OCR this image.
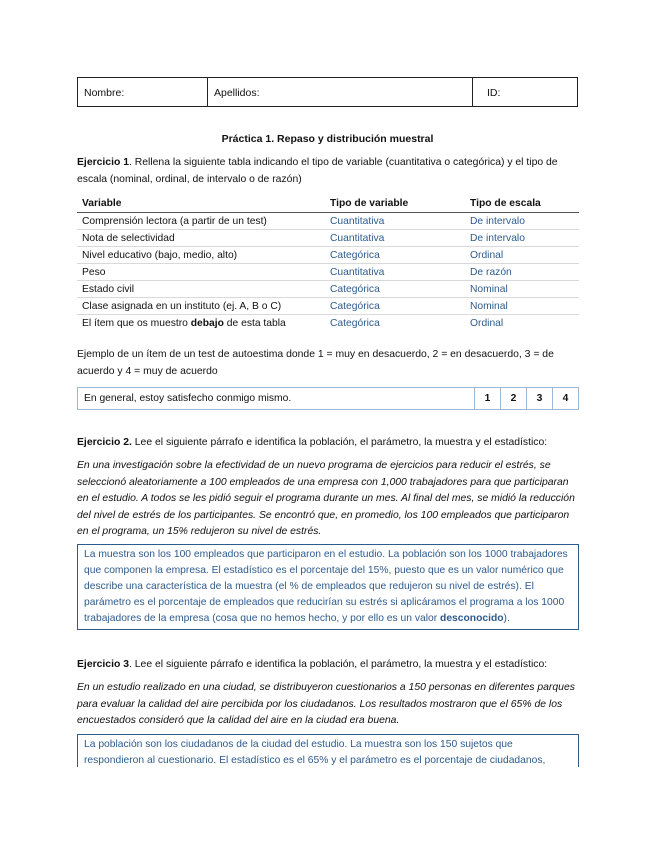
Nombre:	Apellidos:	ID:
Práctica 1. Repaso y distribución muestral

Ejercicio 1. Rellena la siguiente tabla indicando el tipo de variable (cuantitativa o categórica) y el tipo de escala (nominal, ordinal, de intervalo o de razón)

Variable	Tipo de variable	Tipo de escala
Comprensión lectora (a partir de un test)	Cuantitativa	De intervalo
Nota de selectividad	Cuantitativa	De intervalo
Nivel educativo (bajo, medio, alto)	Categórica	Ordinal
Peso	Cuantitativa	De razón
Estado civil	Categórica	Nominal
Clase asignada en un instituto (ej. A, B o C)	Categórica	Nominal
El ítem que os muestro debajo de esta tabla	Categórica	Ordinal

Ejemplo de un ítem de un test de autoestima donde 1 = muy en desacuerdo, 2 = en desacuerdo, 3 = de acuerdo y 4 = muy de acuerdo

En general, estoy satisfecho conmigo mismo.	1	2	3	4

Ejercicio 2. Lee el siguiente párrafo e identifica la población, el parámetro, la muestra y el estadístico:

En una investigación sobre la efectividad de un nuevo programa de ejercicios para reducir el estrés, se seleccionó aleatoriamente a 100 empleados de una empresa con 1,000 trabajadores para que participaran en el estudio. A todos se les pidió seguir el programa durante un mes. Al final del mes, se midió la reducción del nivel de estrés de los participantes. Se encontró que, en promedio, los 100 empleados que participaron en el programa, un 15% redujeron su nivel de estrés.

La muestra son los 100 empleados que participaron en el estudio. La población son los 1000 trabajadores que componen la empresa. El estadístico es el porcentaje del 15%, puesto que es un valor numérico que describe una característica de la muestra (el % de empleados que redujeron su nivel de estrés). El parámetro es el porcentaje de empleados que reducirían su estrés si aplicáramos el programa a los 1000 trabajadores de la empresa (cosa que no hemos hecho, y por ello es un valor desconocido).

Ejercicio 3. Lee el siguiente párrafo e identifica la población, el parámetro, la muestra y el estadístico:

En un estudio realizado en una ciudad, se distribuyeron cuestionarios a 150 personas en diferentes parques para evaluar la calidad del aire percibida por los ciudadanos. Los resultados mostraron que el 65% de los encuestados consideró que la calidad del aire en la ciudad era buena.

La población son los ciudadanos de la ciudad del estudio. La muestra son los 150 sujetos que respondieron al cuestionario. El estadístico es el 65% y el parámetro es el porcentaje de ciudadanos,
